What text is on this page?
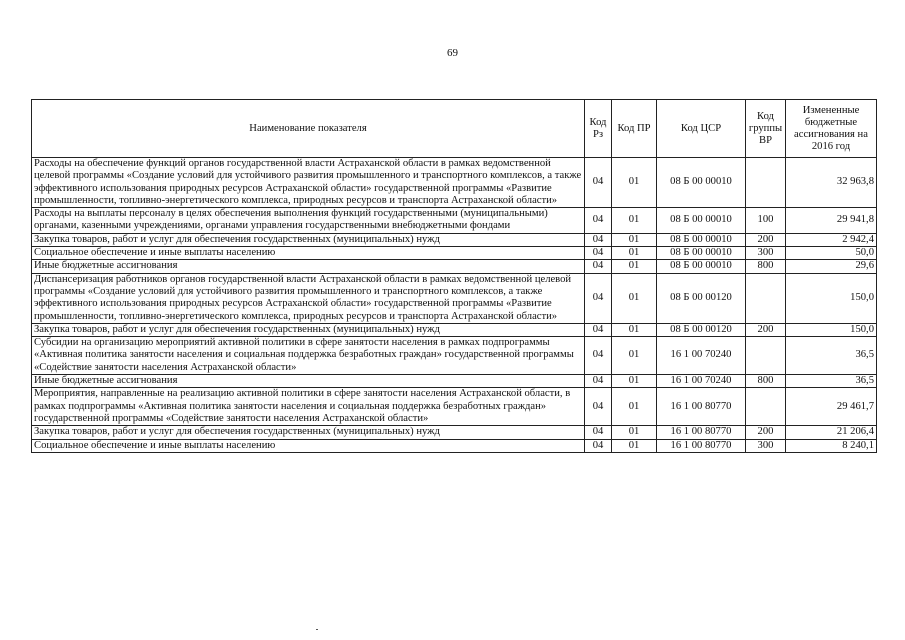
69
Наименование показателя	Код Рз	Код ПР	Код ЦСР	Код группы ВР	Измененные бюджетные ассигнования на 2016 год
Расходы на обеспечение функций органов государственной власти Астраханской области в рамках ведомственной целевой программы «Создание условий для устойчивого развития промышленного и транспортного комплексов, а также эффективного использования природных ресурсов Астраханской области» государственной программы «Развитие промышленности, топливно-энергетического комплекса, природных ресурсов и транспорта Астраханской области»	04	01	08 Б 00 00010		32 963,8
Расходы на выплаты персоналу в целях обеспечения выполнения функций государственными (муниципальными) органами, казенными учреждениями, органами управления государственными внебюджетными фондами	04	01	08 Б 00 00010	100	29 941,8
Закупка товаров, работ и услуг для обеспечения государственных (муниципальных) нужд	04	01	08 Б 00 00010	200	2 942,4
Социальное обеспечение и иные выплаты населению	04	01	08 Б 00 00010	300	50,0
Иные бюджетные ассигнования	04	01	08 Б 00 00010	800	29,6
Диспансеризация работников органов государственной власти Астраханской области в рамках ведомственной целевой программы «Создание условий для устойчивого развития промышленного и транспортного комплексов, а также эффективного использования природных ресурсов Астраханской области» государственной программы «Развитие промышленности, топливно-энергетического комплекса, природных ресурсов и транспорта Астраханской области»	04	01	08 Б 00 00120		150,0
Закупка товаров, работ и услуг для обеспечения государственных (муниципальных) нужд	04	01	08 Б 00 00120	200	150,0
Субсидии на организацию мероприятий активной политики в сфере занятости населения в рамках подпрограммы «Активная политика занятости населения и социальная поддержка безработных граждан» государственной программы «Содействие занятости населения Астраханской области»	04	01	16 1 00 70240		36,5
Иные бюджетные ассигнования	04	01	16 1 00 70240	800	36,5
Мероприятия, направленные на реализацию активной политики в сфере занятости населения Астраханской области, в рамках подпрограммы «Активная политика занятости населения и социальная поддержка безработных граждан» государственной программы «Содействие занятости населения Астраханской области»	04	01	16 1 00 80770		29 461,7
Закупка товаров, работ и услуг для обеспечения государственных (муниципальных) нужд	04	01	16 1 00 80770	200	21 206,4
Социальное обеспечение и иные выплаты населению	04	01	16 1 00 80770	300	8 240,1
